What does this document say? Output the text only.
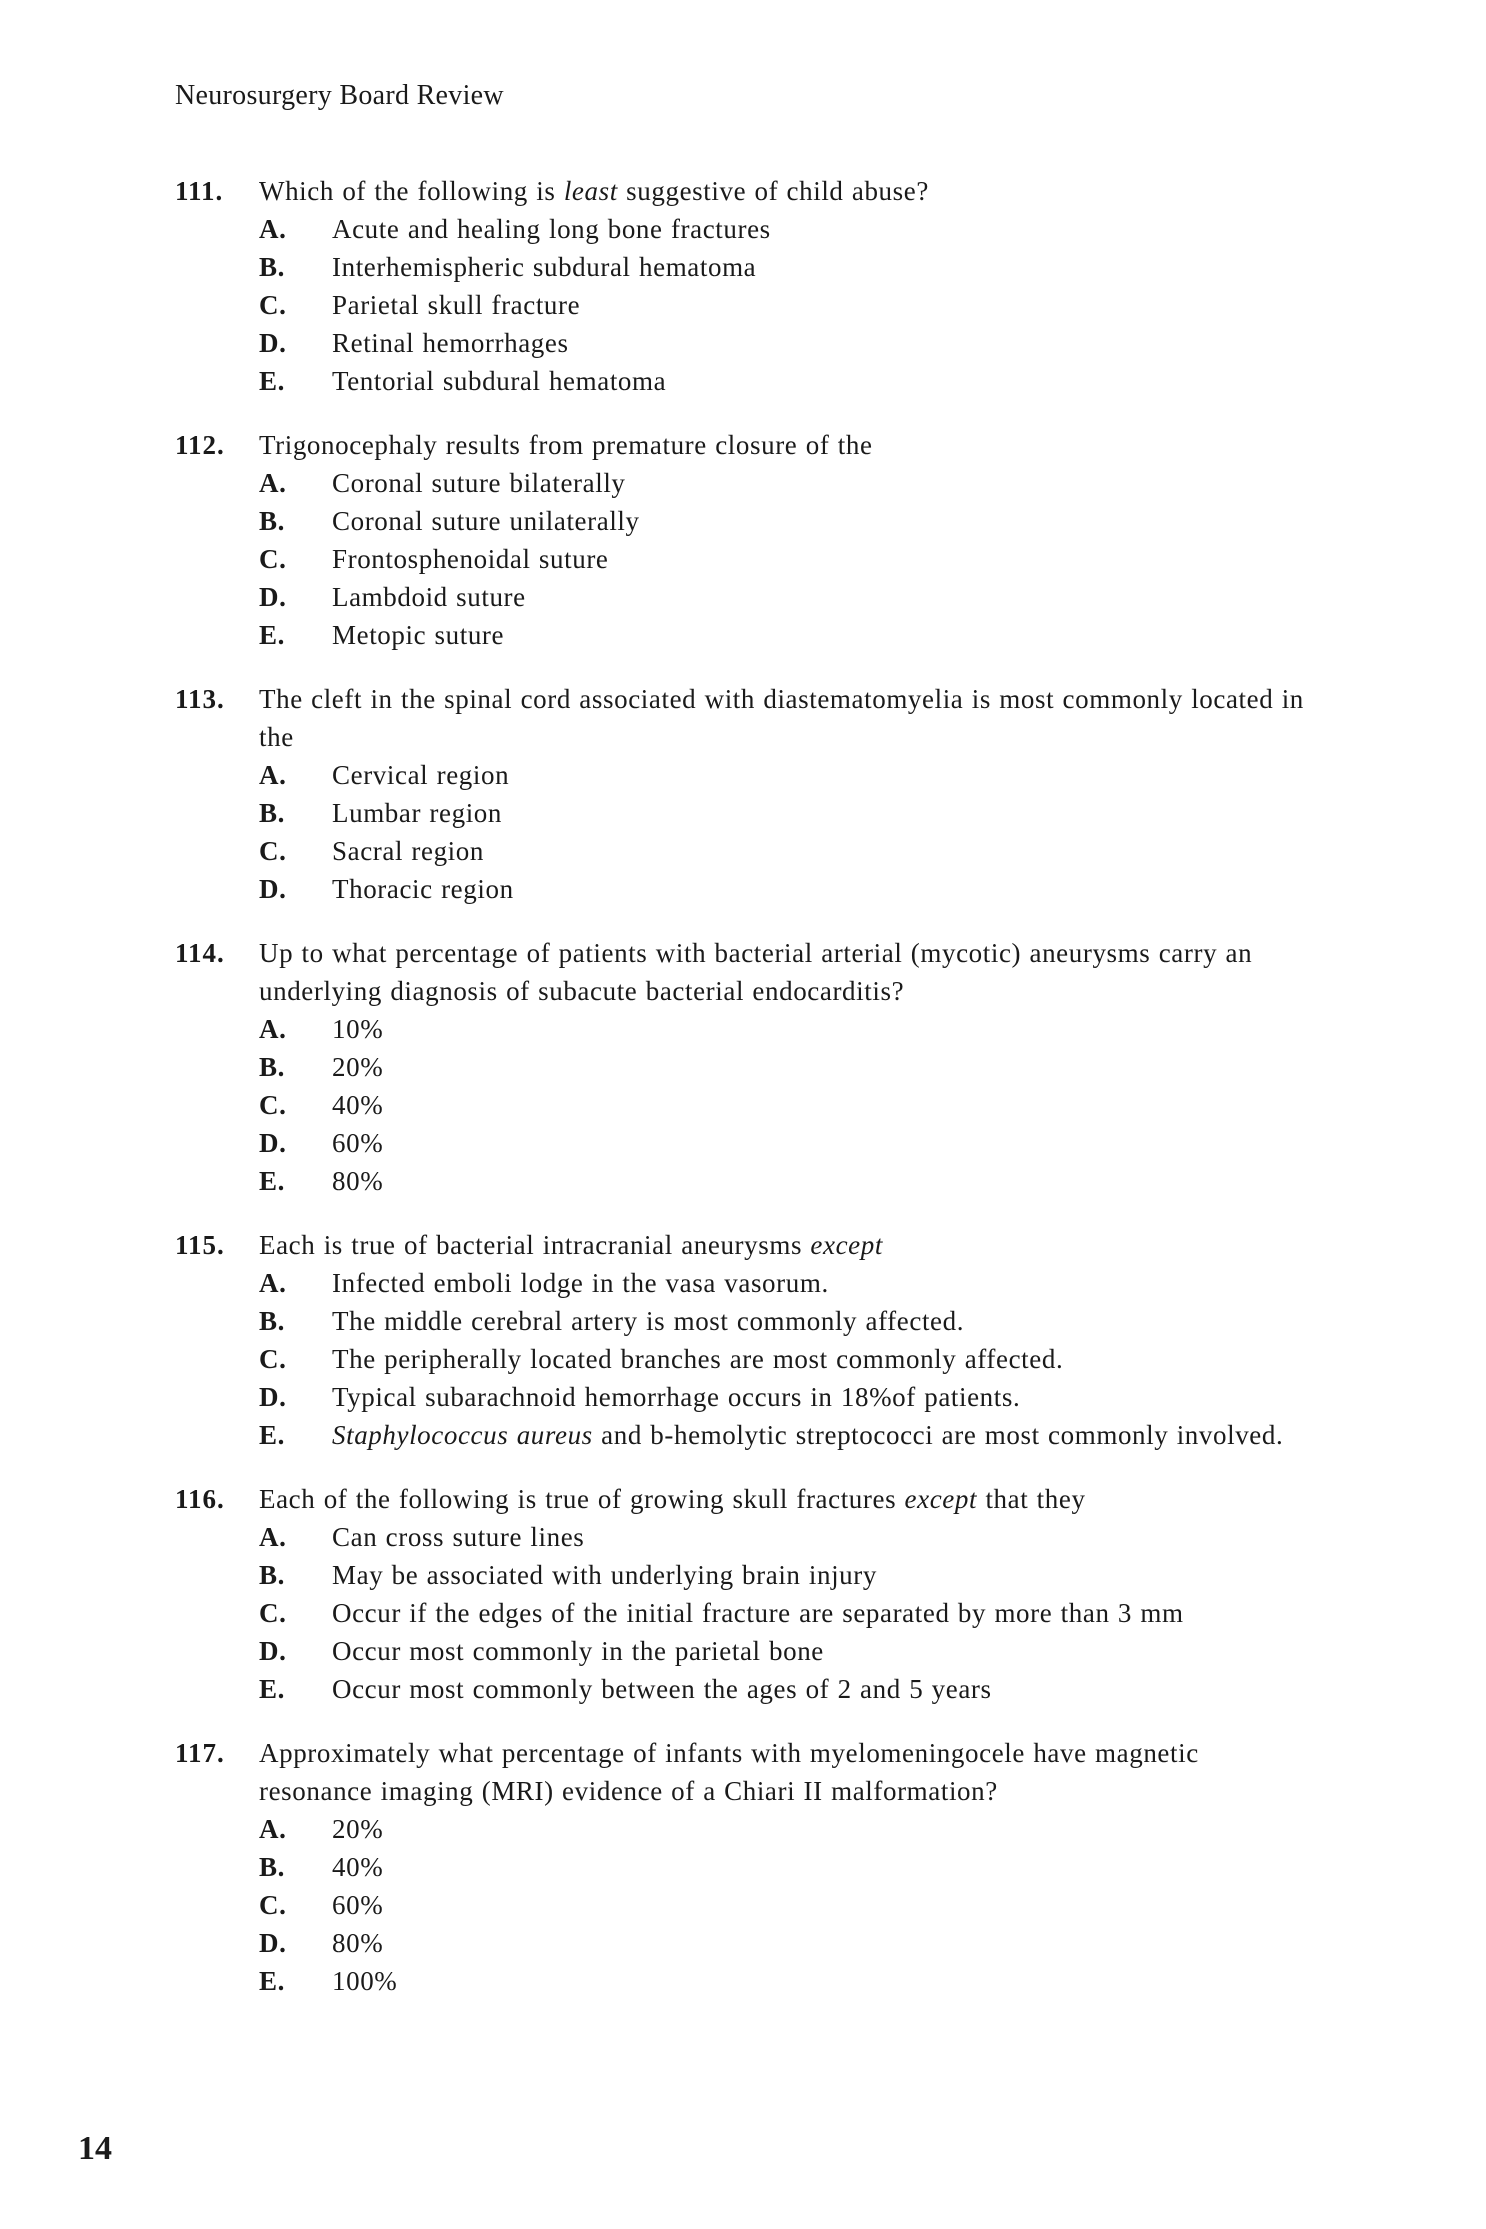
Neurosurgery Board Review
111. Which of the following is least suggestive of child abuse?
A. Acute and healing long bone fractures
B. Interhemispheric subdural hematoma
C. Parietal skull fracture
D. Retinal hemorrhages
E. Tentorial subdural hematoma
112. Trigonocephaly results from premature closure of the
A. Coronal suture bilaterally
B. Coronal suture unilaterally
C. Frontosphenoidal suture
D. Lambdoid suture
E. Metopic suture
113. The cleft in the spinal cord associated with diastematomyelia is most commonly located in the
A. Cervical region
B. Lumbar region
C. Sacral region
D. Thoracic region
114. Up to what percentage of patients with bacterial arterial (mycotic) aneurysms carry an underlying diagnosis of subacute bacterial endocarditis?
A. 10%
B. 20%
C. 40%
D. 60%
E. 80%
115. Each is true of bacterial intracranial aneurysms except
A. Infected emboli lodge in the vasa vasorum.
B. The middle cerebral artery is most commonly affected.
C. The peripherally located branches are most commonly affected.
D. Typical subarachnoid hemorrhage occurs in 18%of patients.
E. Staphylococcus aureus and b-hemolytic streptococci are most commonly involved.
116. Each of the following is true of growing skull fractures except that they
A. Can cross suture lines
B. May be associated with underlying brain injury
C. Occur if the edges of the initial fracture are separated by more than 3 mm
D. Occur most commonly in the parietal bone
E. Occur most commonly between the ages of 2 and 5 years
117. Approximately what percentage of infants with myelomeningocele have magnetic resonance imaging (MRI) evidence of a Chiari II malformation?
A. 20%
B. 40%
C. 60%
D. 80%
E. 100%
14
